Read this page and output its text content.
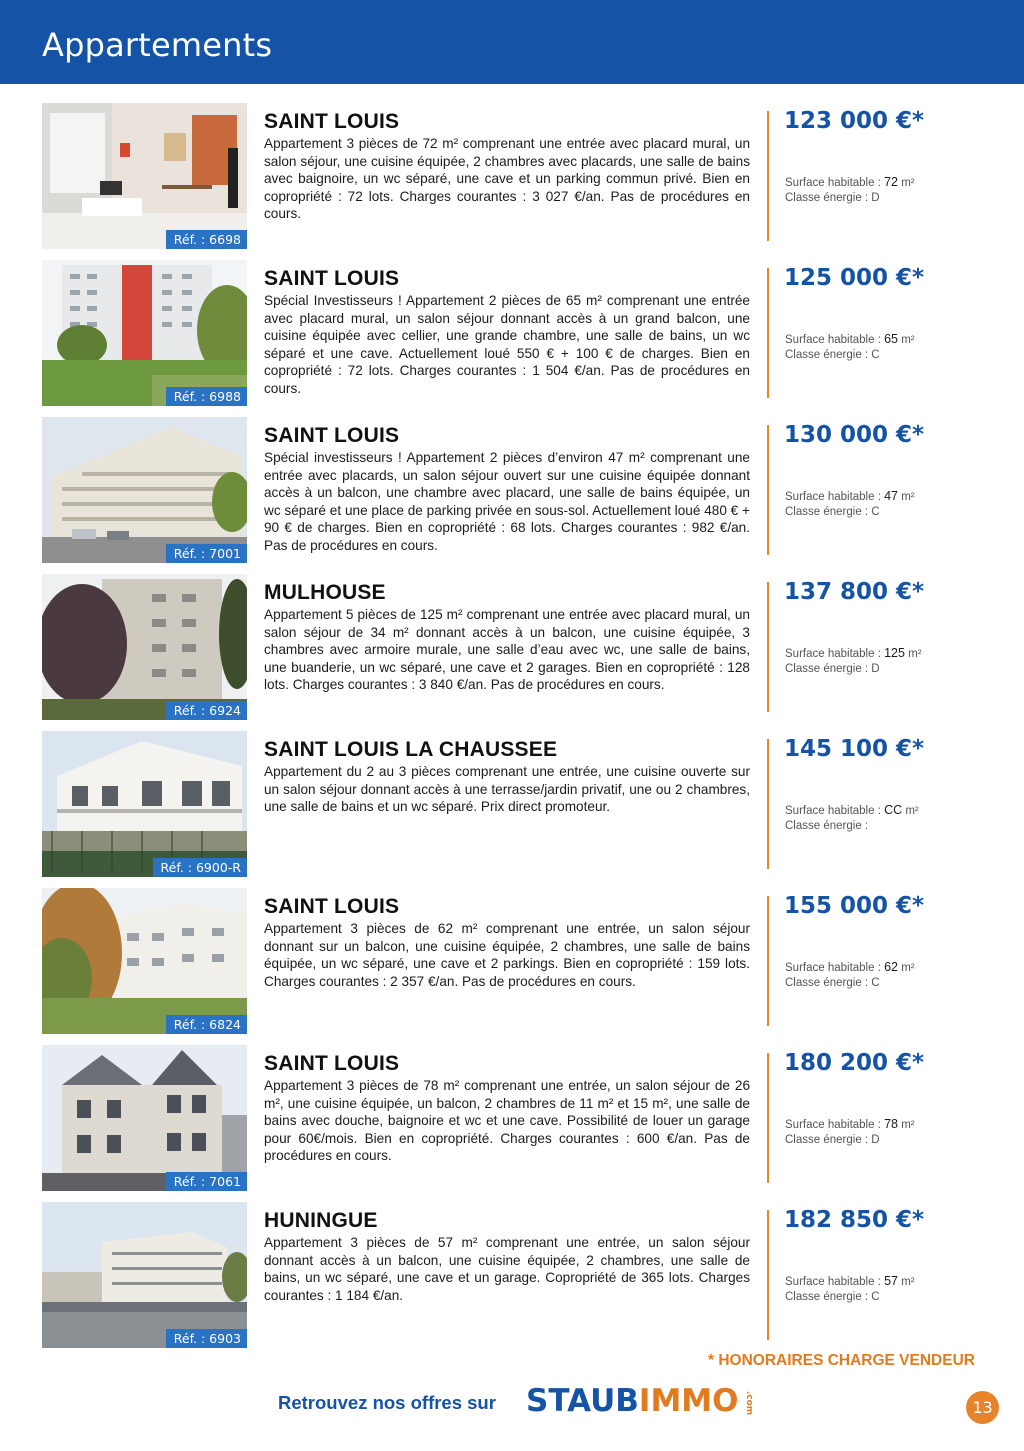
Appartements
Réf. : 6698
SAINT LOUIS
Appartement 3 pièces de 72 m² comprenant une entrée avec placard mural, un salon séjour, une cuisine équipée, 2 chambres avec placards, une salle de bains avec baignoire, un wc séparé, une cave et un parking commun privé. Bien en copropriété : 72 lots. Charges courantes : 3 027 €/an. Pas de procédures en cours.
123 000 €*
Surface habitable : 72 m²
Classe énergie : D
Réf. : 6988
SAINT LOUIS
Spécial Investisseurs ! Appartement 2 pièces de 65 m² comprenant une entrée avec placard mural, un salon séjour donnant accès à un grand balcon, une cuisine équipée avec cellier, une grande chambre, une salle de bains, un wc séparé et une cave. Actuellement loué 550 € + 100 € de charges. Bien en copropriété : 72 lots. Charges courantes : 1 504 €/an. Pas de procédures en cours.
125 000 €*
Surface habitable : 65 m²
Classe énergie : C
Réf. : 7001
SAINT LOUIS
Spécial investisseurs ! Appartement 2 pièces d’environ 47 m² comprenant une entrée avec placards, un salon séjour ouvert sur une cuisine équipée donnant accès à un balcon, une chambre avec placard, une salle de bains équipée, un wc séparé et une place de parking privée en sous-sol. Actuellement loué 480 € + 90 € de charges. Bien en copropriété : 68 lots. Charges courantes : 982 €/an. Pas de procédures en cours.
130 000 €*
Surface habitable : 47 m²
Classe énergie : C
Réf. : 6924
MULHOUSE
Appartement 5 pièces de 125 m² comprenant une entrée avec placard mural, un salon séjour de 34 m² donnant accès à un balcon, une cuisine équipée, 3 chambres avec armoire murale, une salle d’eau avec wc, une salle de bains, une buanderie, un wc séparé, une cave et 2 garages. Bien en copropriété : 128 lots. Charges courantes : 3 840 €/an. Pas de procédures en cours.
137 800 €*
Surface habitable : 125 m²
Classe énergie : D
Réf. : 6900-R
SAINT LOUIS LA CHAUSSEE
Appartement du 2 au 3 pièces comprenant une entrée, une cuisine ouverte sur un salon séjour donnant accès à une terrasse/jardin privatif, une ou 2 chambres, une salle de bains et un wc séparé. Prix direct promoteur.
145 100 €*
Surface habitable : CC m²
Classe énergie :
Réf. : 6824
SAINT LOUIS
Appartement 3 pièces de 62 m² comprenant une entrée, un salon séjour donnant sur un balcon, une cuisine équipée, 2 chambres, une salle de bains équipée, un wc séparé, une cave et 2 parkings. Bien en copropriété : 159 lots. Charges courantes : 2 357 €/an. Pas de procédures en cours.
155 000 €*
Surface habitable : 62 m²
Classe énergie : C
Réf. : 7061
SAINT LOUIS
Appartement 3 pièces de 78 m² comprenant une entrée, un salon séjour de 26 m², une cuisine équipée, un balcon, 2 chambres de 11 m² et 15 m², une salle de bains avec douche, baignoire et wc et une cave. Possibilité de louer un garage pour 60€/mois. Bien en copropriété. Charges courantes : 600 €/an. Pas de procédures en cours.
180 200 €*
Surface habitable : 78 m²
Classe énergie : D
Réf. : 6903
HUNINGUE
Appartement 3 pièces de 57 m² comprenant une entrée, un salon séjour donnant accès à un balcon, une cuisine équipée, 2 chambres, une salle de bains, un wc séparé, une cave et un garage. Copropriété de 365 lots. Charges courantes : 1 184 €/an.
182 850 €*
Surface habitable : 57 m²
Classe énergie : C
* HONORAIRES CHARGE VENDEUR
Retrouvez nos offres sur STAUBIMMO .com	13
